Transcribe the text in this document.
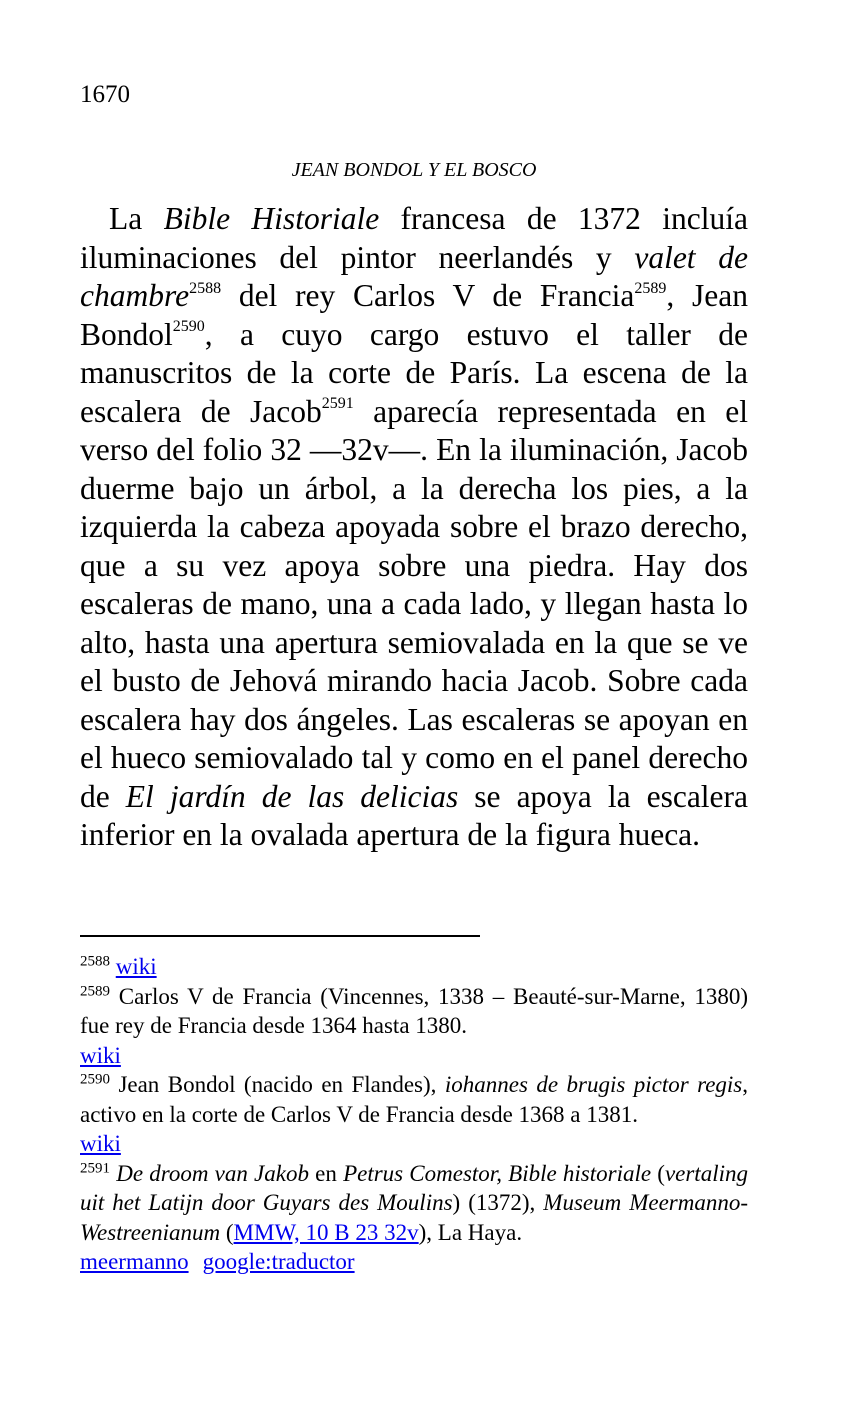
1670
JEAN BONDOL Y EL BOSCO

La Bible Historiale francesa de 1372 incluía iluminaciones del pintor neerlandés y valet de chambre$^{2588}$ del rey Carlos V de Francia$^{2589}$, Jean Bondol$^{2590}$, a cuyo cargo estuvo el taller de manuscritos de la corte de París. La escena de la escalera de Jacob$^{2591}$ aparecía representada en el verso del folio 32 —32v—. En la iluminación, Jacob duerme bajo un árbol, a la derecha los pies, a la izquierda la cabeza apoyada sobre el brazo derecho, que a su vez apoya sobre una piedra. Hay dos escaleras de mano, una a cada lado, y llegan hasta lo alto, hasta una apertura semiovalada en la que se ve el busto de Jehová mirando hacia Jacob. Sobre cada escalera hay dos ángeles. Las escaleras se apoyan en el hueco semiovalado tal y como en el panel derecho de El jardín de las delicias se apoya la escalera inferior en la ovalada apertura de la figura hueca.

$^{2588}$ wiki

$^{2589}$ Carlos V de Francia (Vincennes, 1338 – Beauté-sur-Marne, 1380) fue rey de Francia desde 1364 hasta 1380.

wiki

$^{2590}$ Jean Bondol (nacido en Flandes), iohannes de brugis pictor regis, activo en la corte de Carlos V de Francia desde 1368 a 1381.

wiki

$^{2591}$ De droom van Jakob en Petrus Comestor, Bible historiale (vertaling uit het Latijn door Guyars des Moulins) (1372), Museum Meermanno-Westreenianum (MMW, 10 B 23 32v), La Haya.

meermanno google:traductor
